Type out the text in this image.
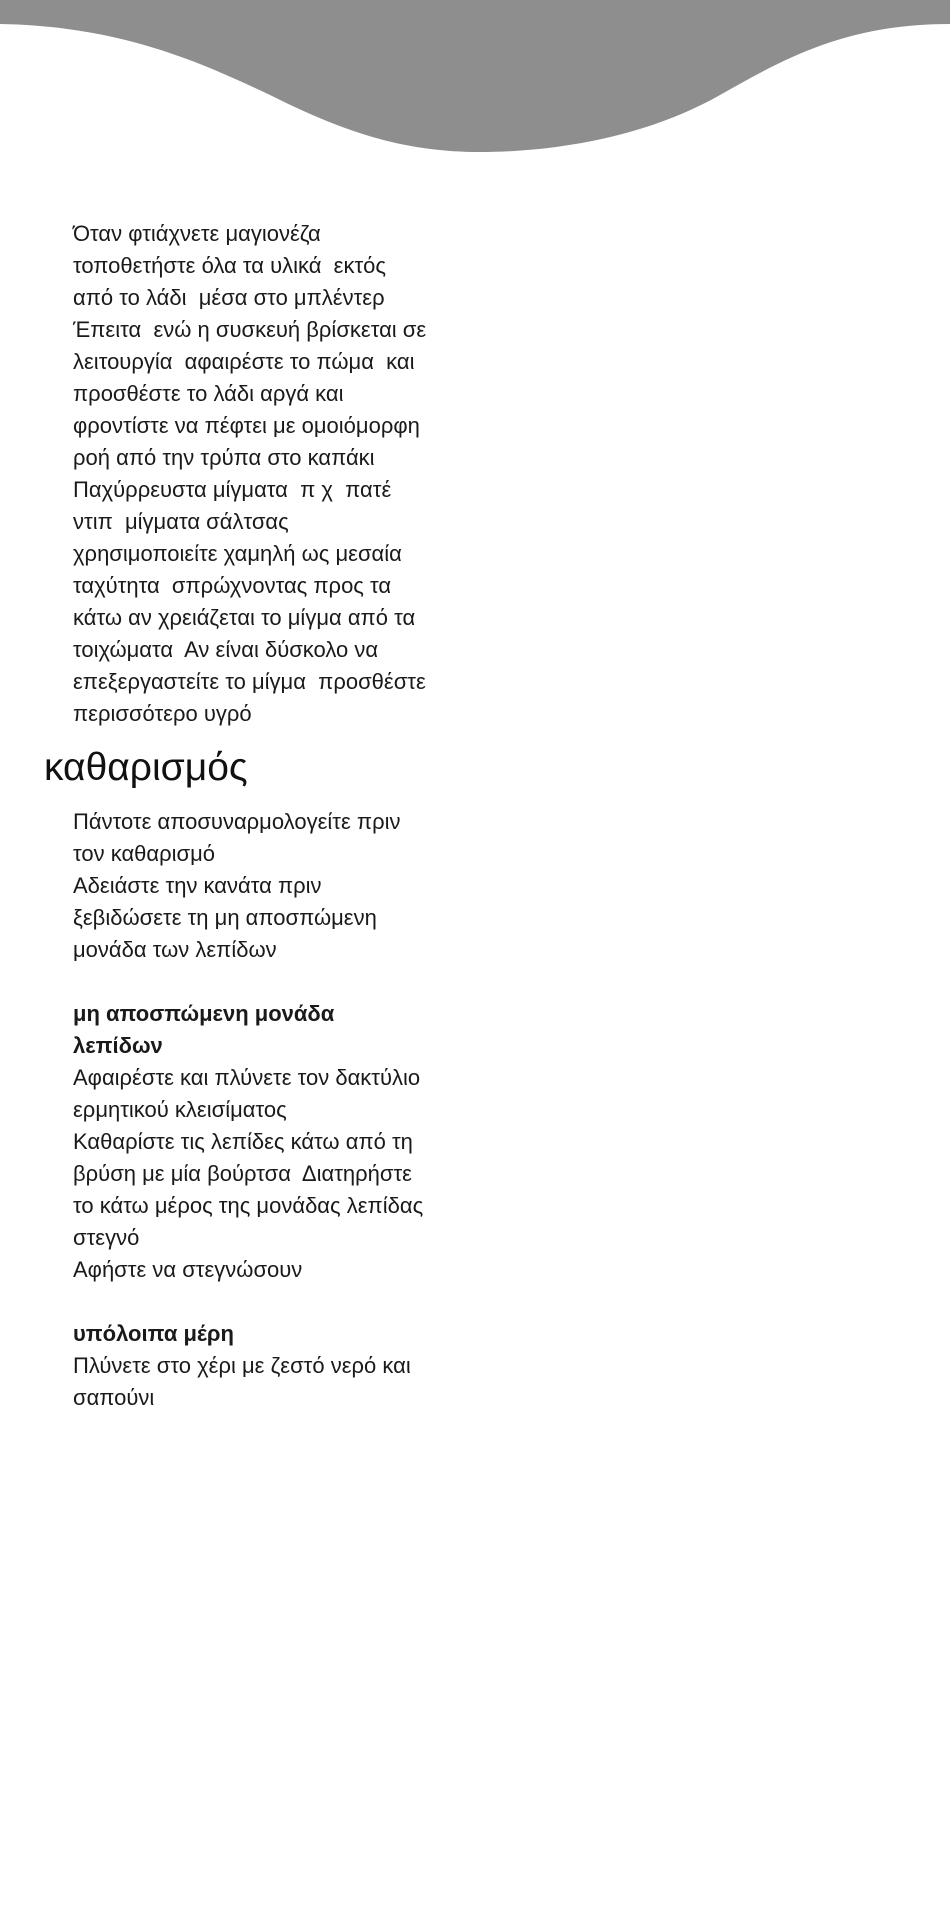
Όταν φτιάχνετε μαγιονέζα
τοποθετήστε όλα τα υλικά  εκτός
από το λάδι  μέσα στο μπλέντερ
Έπειτα  ενώ η συσκευή βρίσκεται σε
λειτουργία  αφαιρέστε το πώμα  και
προσθέστε το λάδι αργά και
φροντίστε να πέφτει με ομοιόμορφη
ροή από την τρύπα στο καπάκι
Παχύρρευστα μίγματα  π χ  πατέ
ντιπ  μίγματα σάλτσας
χρησιμοποιείτε χαμηλή ως μεσαία
ταχύτητα  σπρώχνοντας προς τα
κάτω αν χρειάζεται το μίγμα από τα
τοιχώματα  Αν είναι δύσκολο να
επεξεργαστείτε το μίγμα  προσθέστε
περισσότερο υγρό

καθαρισμός

Πάντοτε αποσυναρμολογείτε πριν
τον καθαρισμό
Αδειάστε την κανάτα πριν
ξεβιδώσετε τη μη αποσπώμενη
μονάδα των λεπίδων

μη αποσπώμενη μονάδα
λεπίδων
Αφαιρέστε και πλύνετε τον δακτύλιο
ερμητικού κλεισίματος
Καθαρίστε τις λεπίδες κάτω από τη
βρύση με μία βούρτσα  Διατηρήστε
το κάτω μέρος της μονάδας λεπίδας
στεγνό
Αφήστε να στεγνώσουν

υπόλοιπα μέρη
Πλύνετε στο χέρι με ζεστό νερό και
σαπούνι
